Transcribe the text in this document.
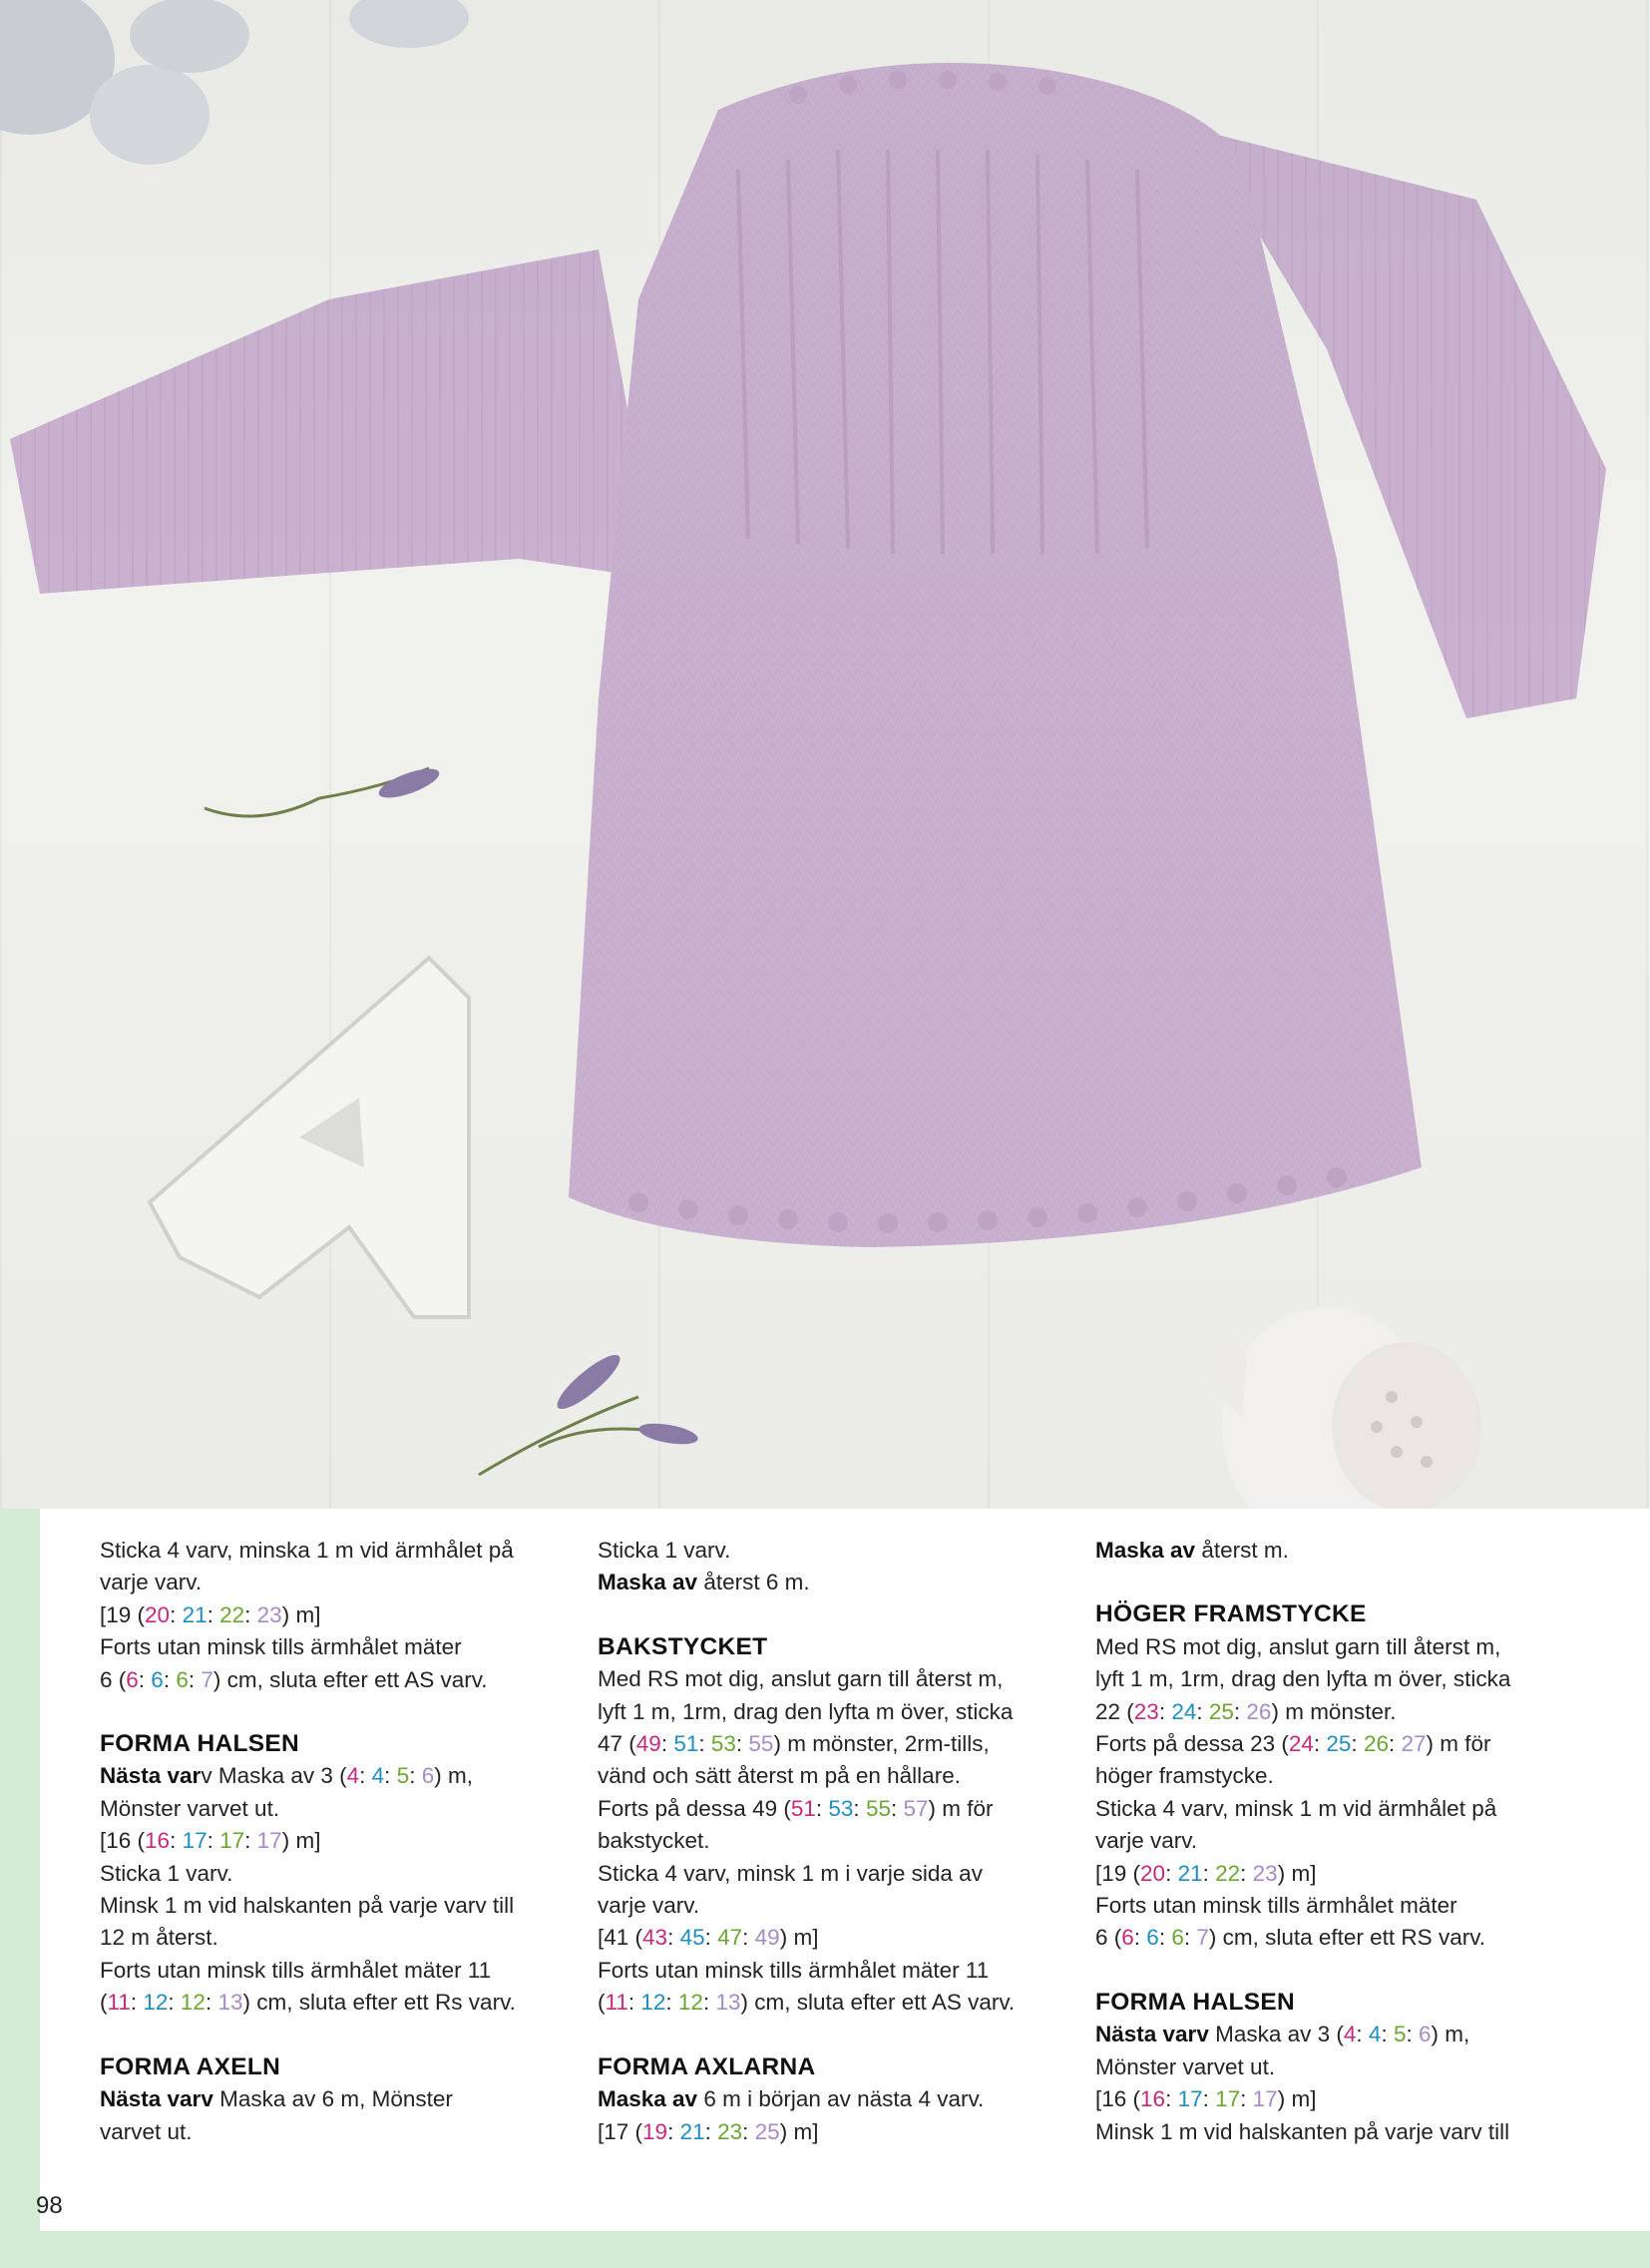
Sticka 4 varv, minska 1 m vid ärmhålet på

varje varv.

[19 (20: 21: 22: 23) m]

Forts utan minsk tills ärmhålet mäter

6 (6: 6: 6: 7) cm, sluta efter ett AS varv.

FORMA HALSEN

Nästa varv Maska av 3 (4: 4: 5: 6) m,

Mönster varvet ut.

[16 (16: 17: 17: 17) m]

Sticka 1 varv.

Minsk 1 m vid halskanten på varje varv till

12 m återst.

Forts utan minsk tills ärmhålet mäter 11

(11: 12: 12: 13) cm, sluta efter ett Rs varv.

FORMA AXELN

Nästa varv Maska av 6 m, Mönster

varvet ut.

Sticka 1 varv.

Maska av återst 6 m.

BAKSTYCKET

Med RS mot dig, anslut garn till återst m,

lyft 1 m, 1rm, drag den lyfta m över, sticka

47 (49: 51: 53: 55) m mönster, 2rm-tills,

vänd och sätt återst m på en hållare.

Forts på dessa 49 (51: 53: 55: 57) m för

bakstycket.

Sticka 4 varv, minsk 1 m i varje sida av

varje varv.

[41 (43: 45: 47: 49) m]

Forts utan minsk tills ärmhålet mäter 11

(11: 12: 12: 13) cm, sluta efter ett AS varv.

FORMA AXLARNA

Maska av 6 m i början av nästa 4 varv.

[17 (19: 21: 23: 25) m]

Maska av återst m.

HÖGER FRAMSTYCKE

Med RS mot dig, anslut garn till återst m,

lyft 1 m, 1rm, drag den lyfta m över, sticka

22 (23: 24: 25: 26) m mönster.

Forts på dessa 23 (24: 25: 26: 27) m för

höger framstycke.

Sticka 4 varv, minsk 1 m vid ärmhålet på

varje varv.

[19 (20: 21: 22: 23) m]

Forts utan minsk tills ärmhålet mäter

6 (6: 6: 6: 7) cm, sluta efter ett RS varv.

FORMA HALSEN

Nästa varv Maska av 3 (4: 4: 5: 6) m,

Mönster varvet ut.

[16 (16: 17: 17: 17) m]

Minsk 1 m vid halskanten på varje varv till

98
